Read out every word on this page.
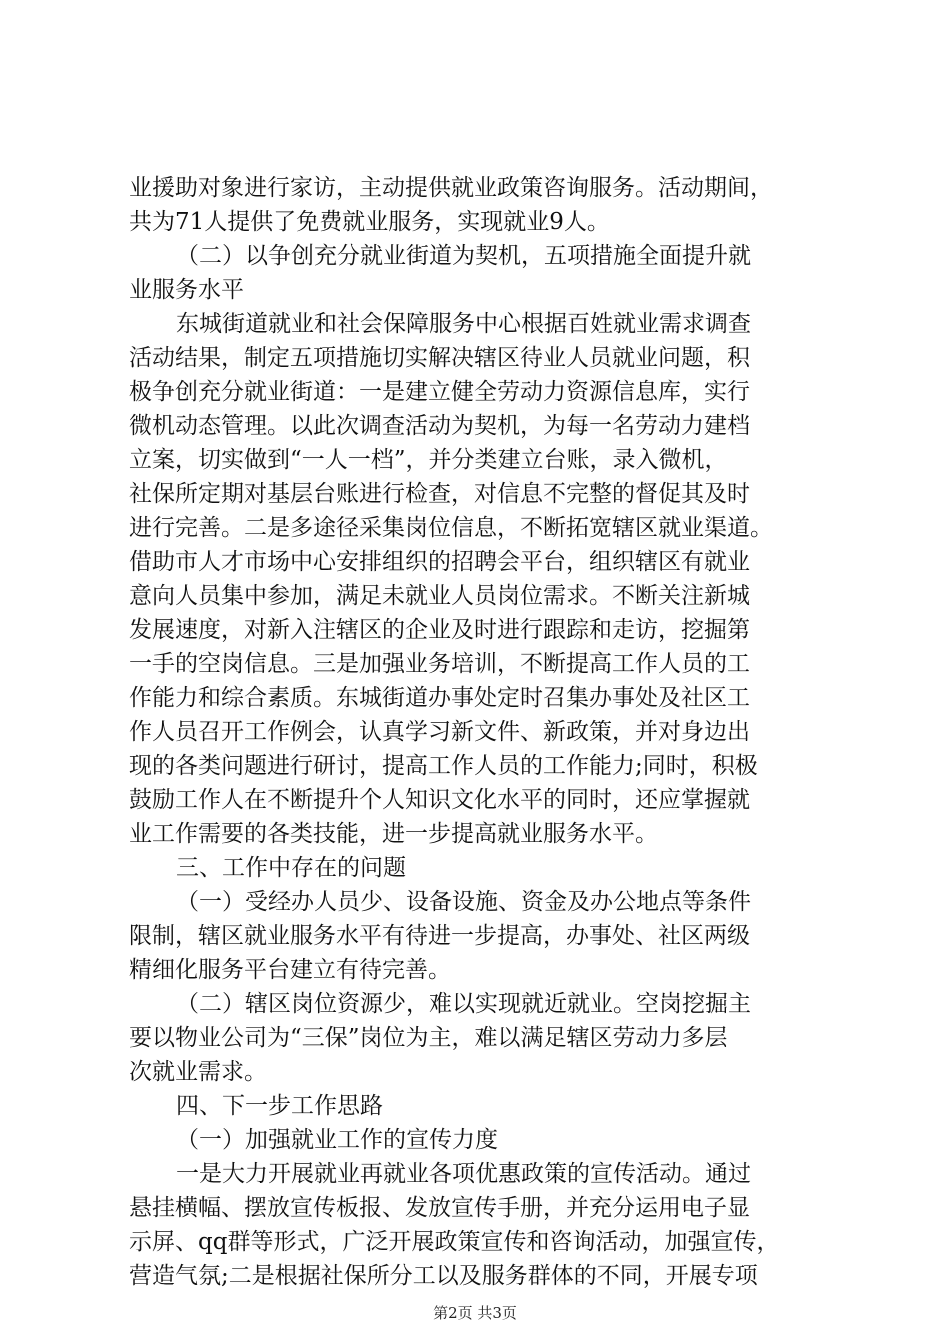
业援助对象进行家访，主动提供就业政策咨询服务。活动期间，
共为71人提供了免费就业服务，实现就业9人。
（二）以争创充分就业街道为契机，五项措施全面提升就
业服务水平
东城街道就业和社会保障服务中心根据百姓就业需求调查
活动结果，制定五项措施切实解决辖区待业人员就业问题，积
极争创充分就业街道：一是建立健全劳动力资源信息库，实行
微机动态管理。以此次调查活动为契机，为每一名劳动力建档
立案，切实做到“一人一档”，并分类建立台账，录入微机，
社保所定期对基层台账进行检查，对信息不完整的督促其及时
进行完善。二是多途径采集岗位信息，不断拓宽辖区就业渠道。
借助市人才市场中心安排组织的招聘会平台，组织辖区有就业
意向人员集中参加，满足未就业人员岗位需求。不断关注新城
发展速度，对新入注辖区的企业及时进行跟踪和走访，挖掘第
一手的空岗信息。三是加强业务培训，不断提高工作人员的工
作能力和综合素质。东城街道办事处定时召集办事处及社区工
作人员召开工作例会，认真学习新文件、新政策，并对身边出
现的各类问题进行研讨，提高工作人员的工作能力;同时，积极
鼓励工作人在不断提升个人知识文化水平的同时，还应掌握就
业工作需要的各类技能，进一步提高就业服务水平。
三、工作中存在的问题
（一）受经办人员少、设备设施、资金及办公地点等条件
限制，辖区就业服务水平有待进一步提高，办事处、社区两级
精细化服务平台建立有待完善。
（二）辖区岗位资源少，难以实现就近就业。空岗挖掘主
要以物业公司为“三保”岗位为主，难以满足辖区劳动力多层
次就业需求。
四、下一步工作思路
（一）加强就业工作的宣传力度
一是大力开展就业再就业各项优惠政策的宣传活动。通过
悬挂横幅、摆放宣传板报、发放宣传手册，并充分运用电子显
示屏、qq群等形式，广泛开展政策宣传和咨询活动，加强宣传，
营造气氛;二是根据社保所分工以及服务群体的不同，开展专项
第2页 共3页
